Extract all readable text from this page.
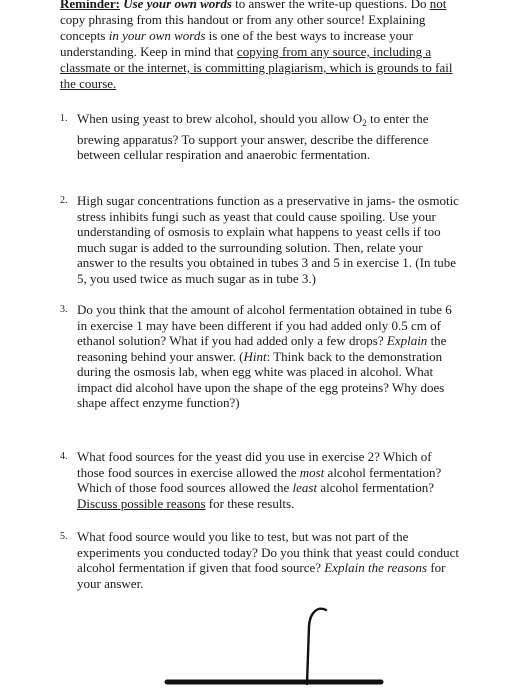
Reminder: Use your own words to answer the write-up questions. Do not copy phrasing from this handout or from any other source! Explaining concepts in your own words is one of the best ways to increase your understanding. Keep in mind that copying from any source, including a classmate or the internet, is committing plagiarism, which is grounds to fail the course.
1. When using yeast to brew alcohol, should you allow $O_2$ to enter the brewing apparatus? To support your answer, describe the difference between cellular respiration and anaerobic fermentation.
2. High sugar concentrations function as a preservative in jams- the osmotic stress inhibits fungi such as yeast that could cause spoiling. Use your understanding of osmosis to explain what happens to yeast cells if too much sugar is added to the surrounding solution. Then, relate your answer to the results you obtained in tubes 3 and 5 in exercise 1. (In tube 5, you used twice as much sugar as in tube 3.)
3. Do you think that the amount of alcohol fermentation obtained in tube 6 in exercise 1 may have been different if you had added only 0.5 cm of ethanol solution? What if you had added only a few drops? Explain the reasoning behind your answer. (Hint: Think back to the demonstration during the osmosis lab, when egg white was placed in alcohol. What impact did alcohol have upon the shape of the egg proteins? Why does shape affect enzyme function?)
4. What food sources for the yeast did you use in exercise 2? Which of those food sources in exercise allowed the most alcohol fermentation? Which of those food sources allowed the least alcohol fermentation? Discuss possible reasons for these results.
5. What food source would you like to test, but was not part of the experiments you conducted today? Do you think that yeast could conduct alcohol fermentation if given that food source? Explain the reasons for your answer.
